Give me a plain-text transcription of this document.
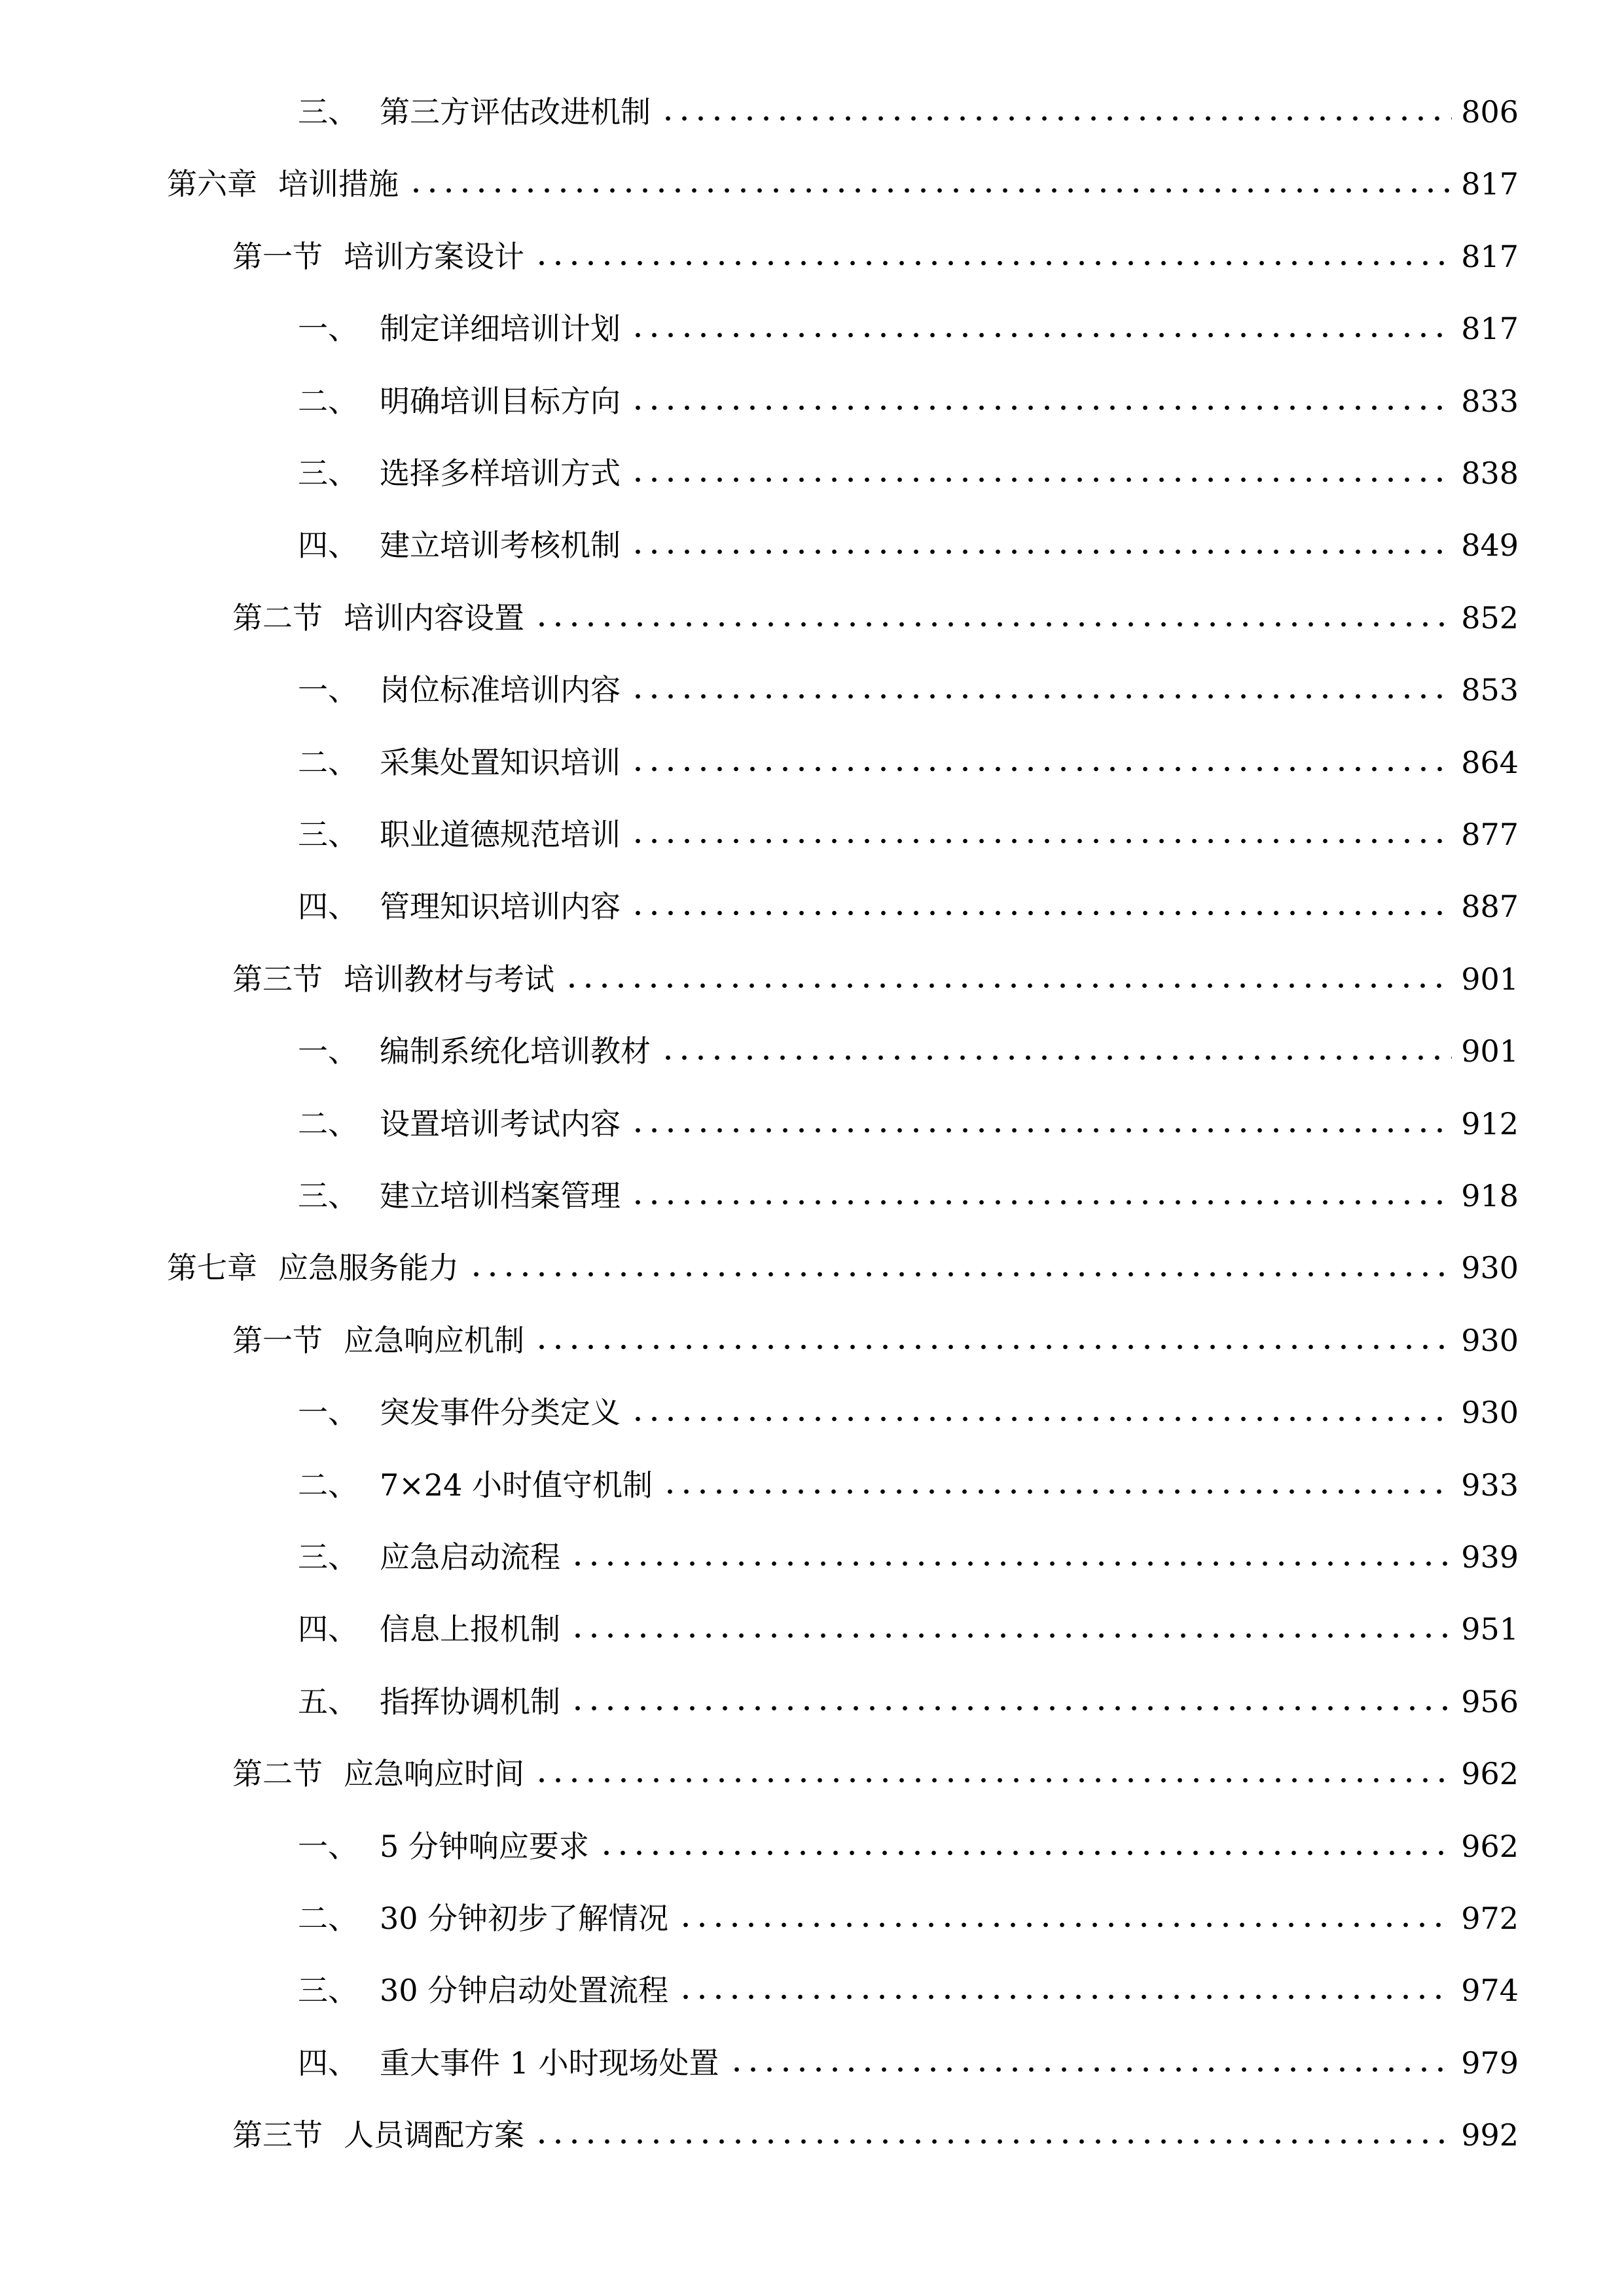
三、 第三方评估改进机制	806
第六章 培训措施	817
第一节 培训方案设计	817
一、 制定详细培训计划	817
二、 明确培训目标方向	833
三、 选择多样培训方式	838
四、 建立培训考核机制	849
第二节 培训内容设置	852
一、 岗位标准培训内容	853
二、 采集处置知识培训	864
三、 职业道德规范培训	877
四、 管理知识培训内容	887
第三节 培训教材与考试	901
一、 编制系统化培训教材	901
二、 设置培训考试内容	912
三、 建立培训档案管理	918
第七章 应急服务能力	930
第一节 应急响应机制	930
一、 突发事件分类定义	930
二、 7×24 小时值守机制	933
三、 应急启动流程	939
四、 信息上报机制	951
五、 指挥协调机制	956
第二节 应急响应时间	962
一、 5 分钟响应要求	962
二、 30 分钟初步了解情况	972
三、 30 分钟启动处置流程	974
四、 重大事件 1 小时现场处置	979
第三节 人员调配方案	992
